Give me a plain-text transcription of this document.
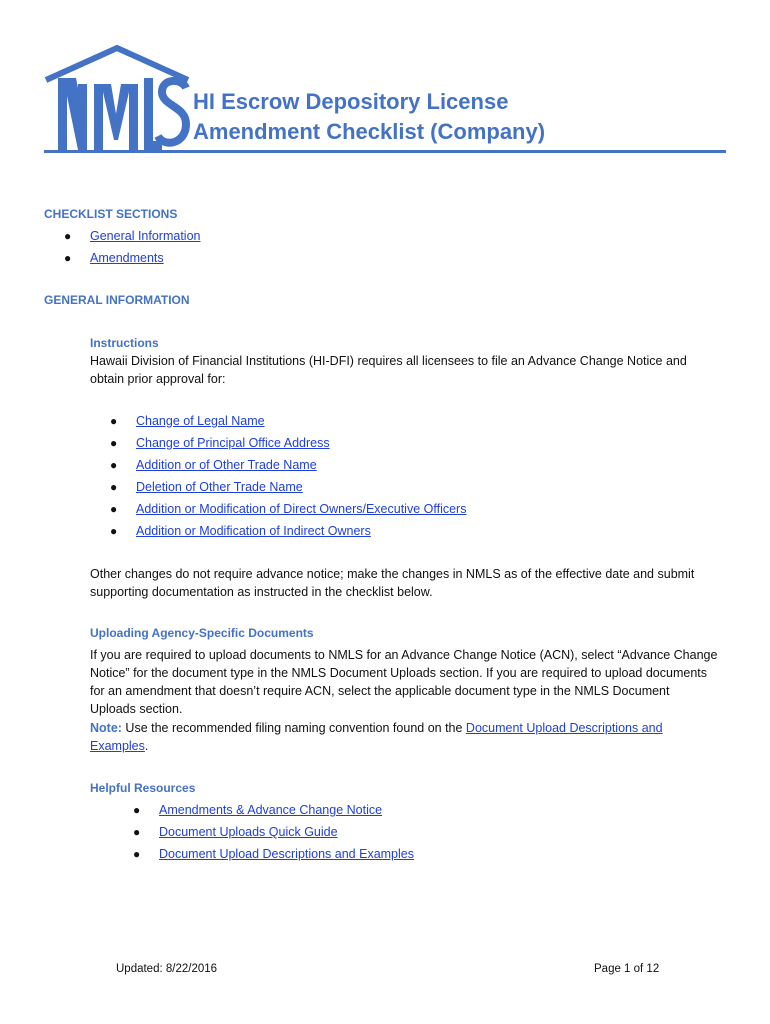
HI Escrow Depository License
Amendment Checklist (Company)
CHECKLIST SECTIONS
● General Information
● Amendments
GENERAL INFORMATION
Instructions
Hawaii Division of Financial Institutions (HI-DFI) requires all licensees to file an Advance Change Notice and
obtain prior approval for:
● Change of Legal Name
● Change of Principal Office Address
● Addition or of Other Trade Name
● Deletion of Other Trade Name
● Addition or Modification of Direct Owners/Executive Officers
● Addition or Modification of Indirect Owners
Other changes do not require advance notice; make the changes in NMLS as of the effective date and submit
supporting documentation as instructed in the checklist below.
Uploading Agency-Specific Documents
If you are required to upload documents to NMLS for an Advance Change Notice (ACN), select “Advance Change
Notice” for the document type in the NMLS Document Uploads section. If you are required to upload documents
for an amendment that doesn’t require ACN, select the applicable document type in the NMLS Document
Uploads section.
Note: Use the recommended filing naming convention found on the Document Upload Descriptions and
Examples.
Helpful Resources
● Amendments & Advance Change Notice
● Document Uploads Quick Guide
● Document Upload Descriptions and Examples
Updated: 8/22/2016	Page 1 of 12
